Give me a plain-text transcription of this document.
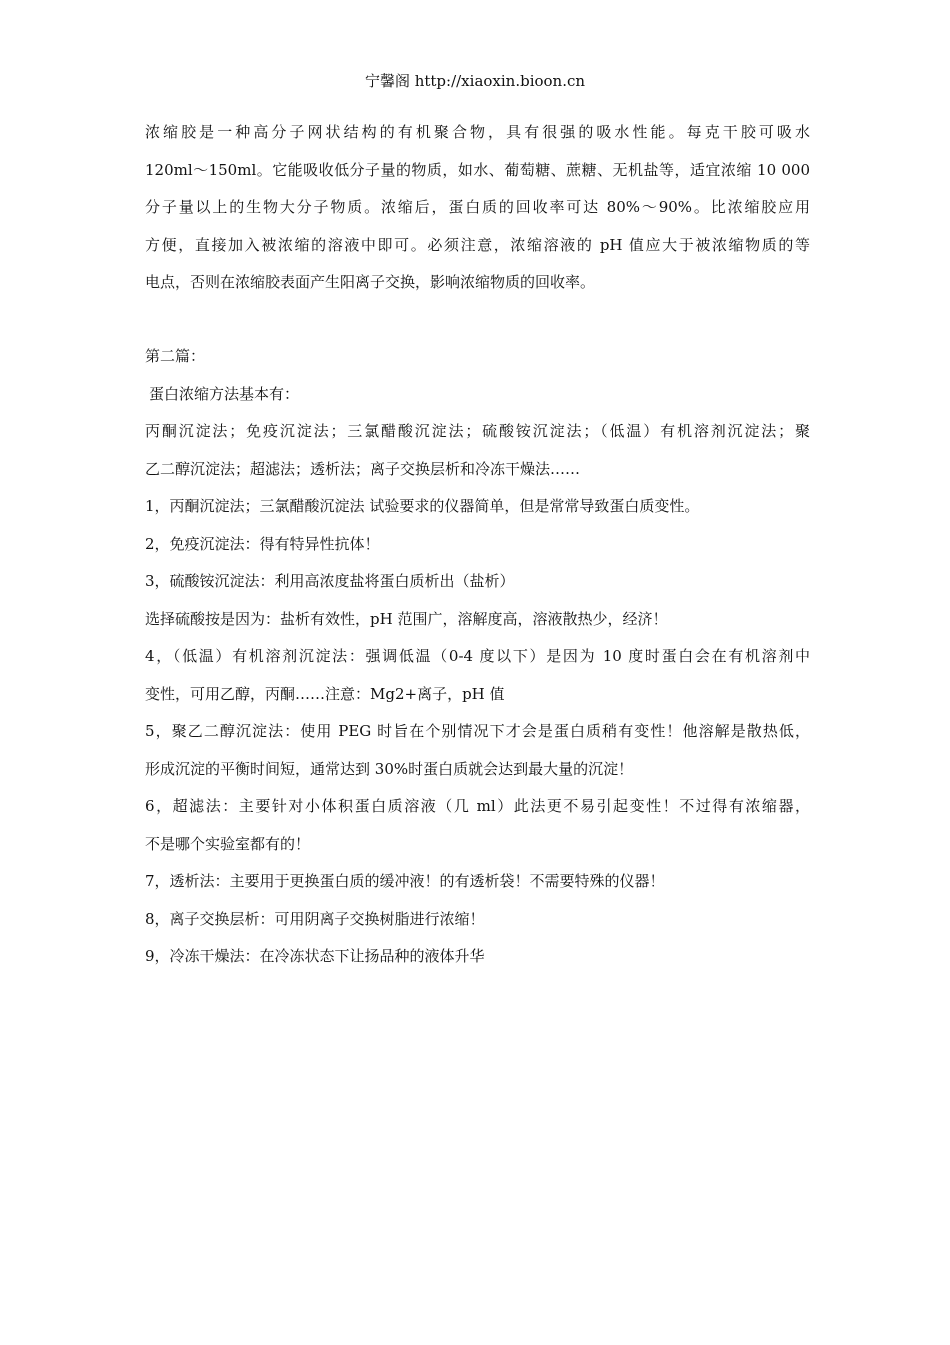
宁馨阁 http://xiaoxin.bioon.cn
浓缩胶是一种高分子网状结构的有机聚合物，具有很强的吸水性能。每克干胶可吸水
120ml～150ml。它能吸收低分子量的物质，如水、葡萄糖、蔗糖、无机盐等，适宜浓缩 10 000
分子量以上的生物大分子物质。浓缩后，蛋白质的回收率可达 80%～90%。比浓缩胶应用
方便，直接加入被浓缩的溶液中即可。必须注意，浓缩溶液的 pH 值应大于被浓缩物质的等
电点，否则在浓缩胶表面产生阳离子交换，影响浓缩物质的回收率。
第二篇：
蛋白浓缩方法基本有：
丙酮沉淀法；免疫沉淀法；三氯醋酸沉淀法；硫酸铵沉淀法；（低温）有机溶剂沉淀法；聚
乙二醇沉淀法；超滤法；透析法；离子交换层析和冷冻干燥法……
1，丙酮沉淀法；三氯醋酸沉淀法 试验要求的仪器简单，但是常常导致蛋白质变性。
2，免疫沉淀法：得有特异性抗体！
3，硫酸铵沉淀法：利用高浓度盐将蛋白质析出（盐析）
选择硫酸按是因为：盐析有效性，pH 范围广，溶解度高，溶液散热少，经济！
4，（低温）有机溶剂沉淀法：强调低温（0-4 度以下）是因为 10 度时蛋白会在有机溶剂中
变性，可用乙醇，丙酮……注意：Mg2+离子，pH 值
5，聚乙二醇沉淀法：使用 PEG 时旨在个别情况下才会是蛋白质稍有变性！他溶解是散热低，
形成沉淀的平衡时间短，通常达到 30%时蛋白质就会达到最大量的沉淀！
6，超滤法：主要针对小体积蛋白质溶液（几 ml）此法更不易引起变性！不过得有浓缩器，
不是哪个实验室都有的！
7，透析法：主要用于更换蛋白质的缓冲液！的有透析袋！不需要特殊的仪器！
8，离子交换层析：可用阴离子交换树脂进行浓缩！
9，冷冻干燥法：在冷冻状态下让扬品种的液体升华
